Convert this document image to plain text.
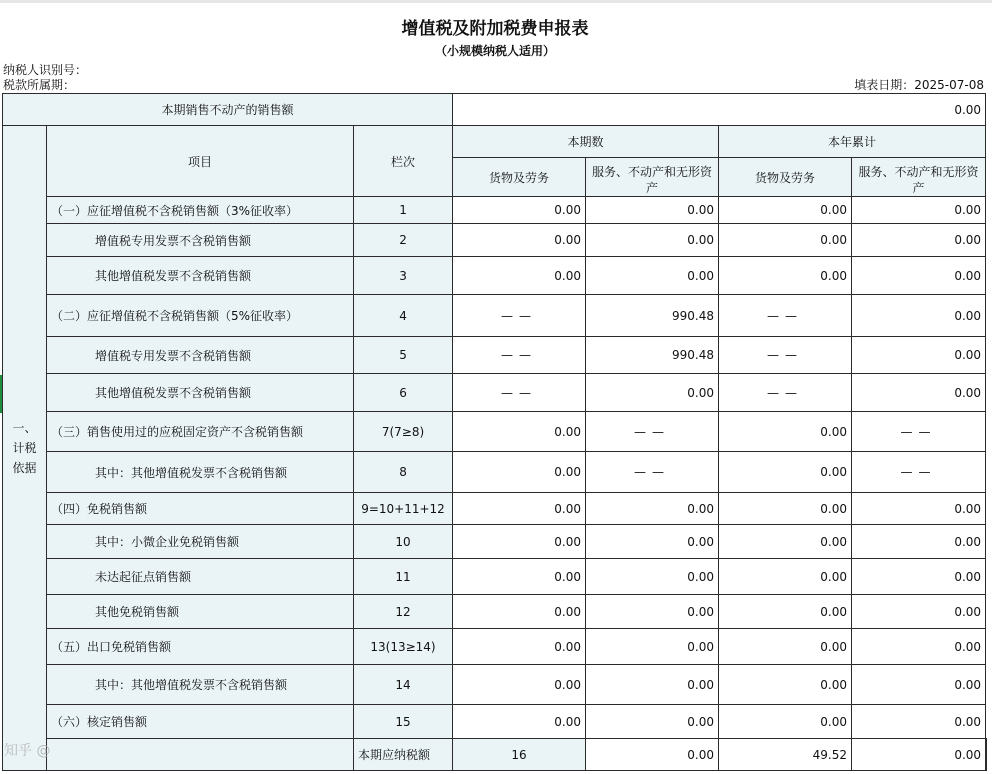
增值税及附加税费申报表
（小规模纳税人适用）
纳税人识别号：
税款所属期：	填表日期：2025-07-08
本期销售不动产的销售额			0.00				
一、计税依据	项目	栏次	本期数		本年累计		
			货物及劳务	服务、不动产和无形资产	货物及劳务	服务、不动产和无形资产	
	（一）应征增值税不含税销售额（3%征收率）	1	0.00	0.00	0.00	0.00	
	增值税专用发票不含税销售额	2	0.00	0.00	0.00	0.00	
	其他增值税发票不含税销售额	3	0.00	0.00	0.00	0.00	
	（二）应征增值税不含税销售额（5%征收率）	4	——	990.48	——	0.00	
	增值税专用发票不含税销售额	5	——	990.48	——	0.00	
	其他增值税发票不含税销售额	6	——	0.00	——	0.00	
	（三）销售使用过的应税固定资产不含税销售额	7(7≥8)	0.00	——	0.00	——	
	其中：其他增值税发票不含税销售额	8	0.00	——	0.00	——	
	（四）免税销售额	9=10+11+12	0.00	0.00	0.00	0.00	
	其中：小微企业免税销售额	10	0.00	0.00	0.00	0.00	
	未达起征点销售额	11	0.00	0.00	0.00	0.00	
	其他免税销售额	12	0.00	0.00	0.00	0.00	
	（五）出口免税销售额	13(13≥14)	0.00	0.00	0.00	0.00	
	其中：其他增值税发票不含税销售额	14	0.00	0.00	0.00	0.00	
	（六）核定销售额	15	0.00	0.00	0.00	0.00	
		本期应纳税额	16	0.00	49.52	0.00	
知乎 @
